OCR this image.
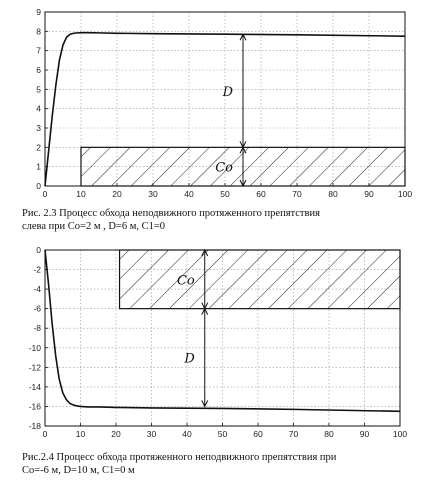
0	10	20	30	40	50	60	70	80	90	100
0
1
2
3
4
5
6
7
8
9
D
Co
Рис. 2.3 Процесс обхода неподвижного протяженного препятствия
слева при Co=2 м , D=6 м, C1=0
0	10	20	30	40	50	60	70	80	90	100
0
-2
-4
-6
-8
-10
-12
-14
-16
-18
Co
D
Рис.2.4 Процесс обхода протяженного неподвижного препятствия при
Co=-6 м, D=10 м, C1=0 м
